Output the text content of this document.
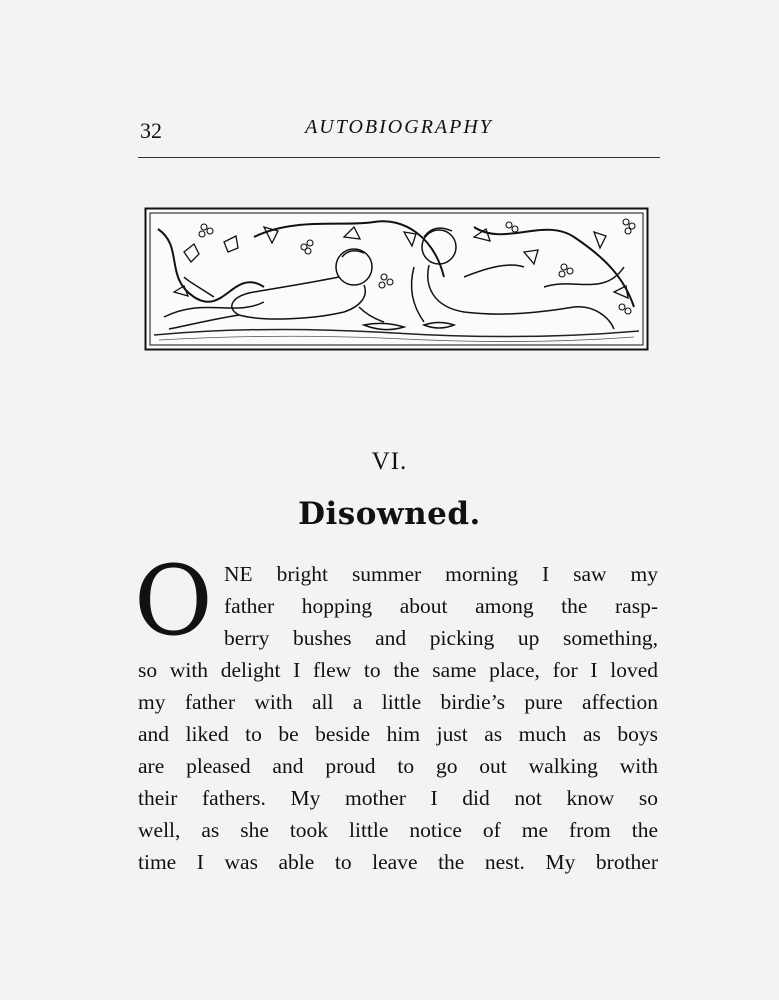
32	AUTOBIOGRAPHY
VI.
Disowned.
O NE bright summer morning I saw my
father hopping about among the rasp-
berry bushes and picking up something,
so with delight I flew to the same place, for I loved
my father with all a little birdie’s pure affection
and liked to be beside him just as much as boys
are pleased and proud to go out walking with
their fathers. My mother I did not know so
well, as she took little notice of me from the
time I was able to leave the nest. My brother
